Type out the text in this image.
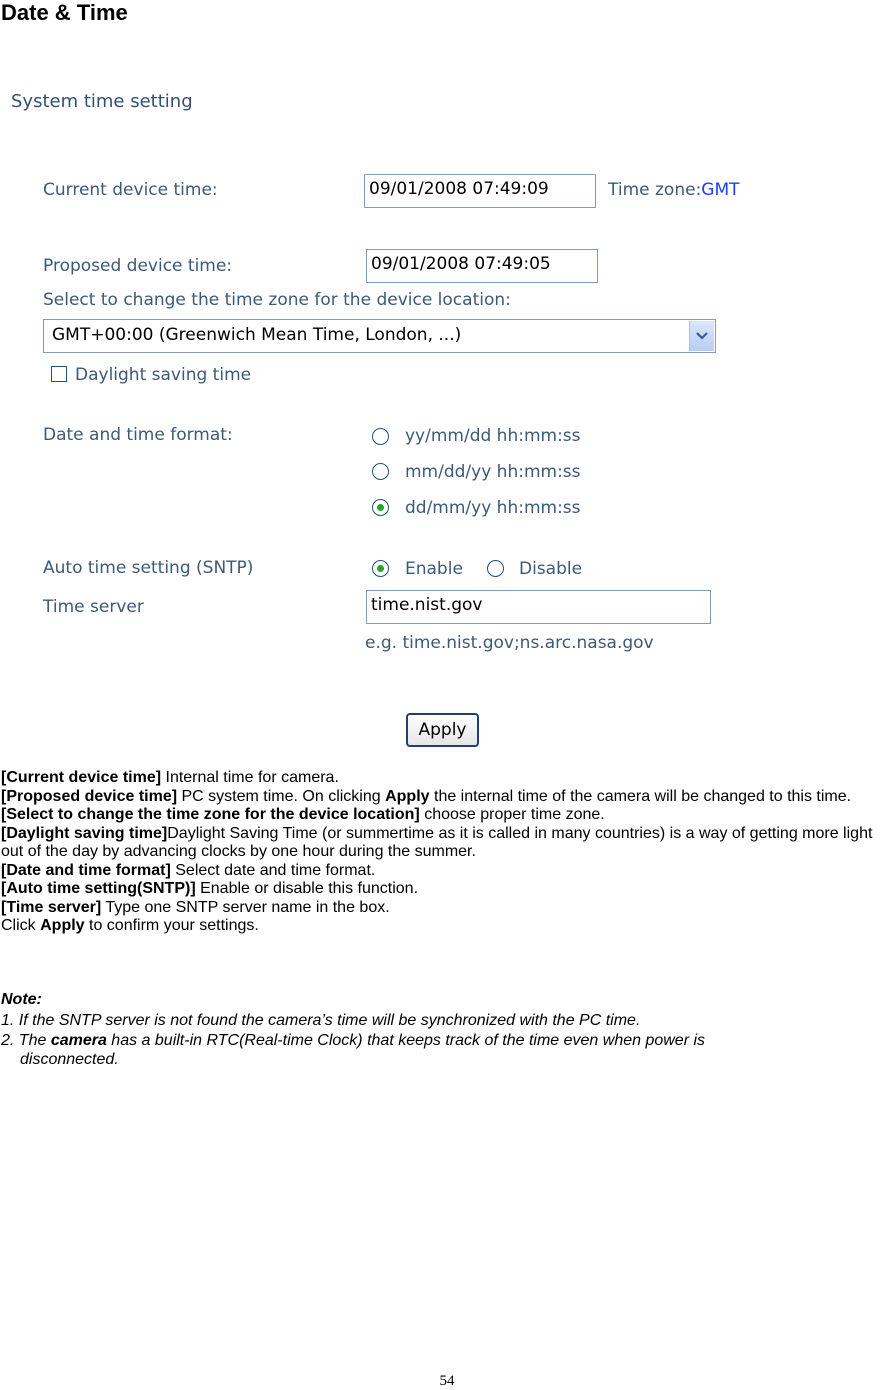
Date & Time
System time setting
Current device time:	09/01/2008 07:49:09	Time zone:GMT
Proposed device time:	09/01/2008 07:49:05
Select to change the time zone for the device location:
GMT+00:00 (Greenwich Mean Time, London, ...)
Daylight saving time
Date and time format:	yy/mm/dd hh:mm:ss
mm/dd/yy hh:mm:ss
dd/mm/yy hh:mm:ss
Auto time setting (SNTP)	Enable	Disable
Time server	time.nist.gov
e.g. time.nist.gov;ns.arc.nasa.gov
Apply

[Current device time] Internal time for camera.

[Proposed device time] PC system time. On clicking Apply the internal time of the camera will be changed to this time.

[Select to change the time zone for the device location] choose proper time zone.

[Daylight saving time]Daylight Saving Time (or summertime as it is called in many countries) is a way of getting more light out of the day by advancing clocks by one hour during the summer.

[Date and time format] Select date and time format.

[Auto time setting(SNTP)] Enable or disable this function.

[Time server] Type one SNTP server name in the box.

Click Apply to confirm your settings.

Note:

1. If the SNTP server is not found the camera’s time will be synchronized with the PC time.

2. The camera has a built-in RTC(Real-time Clock) that keeps track of the time even when power is

disconnected.

54
